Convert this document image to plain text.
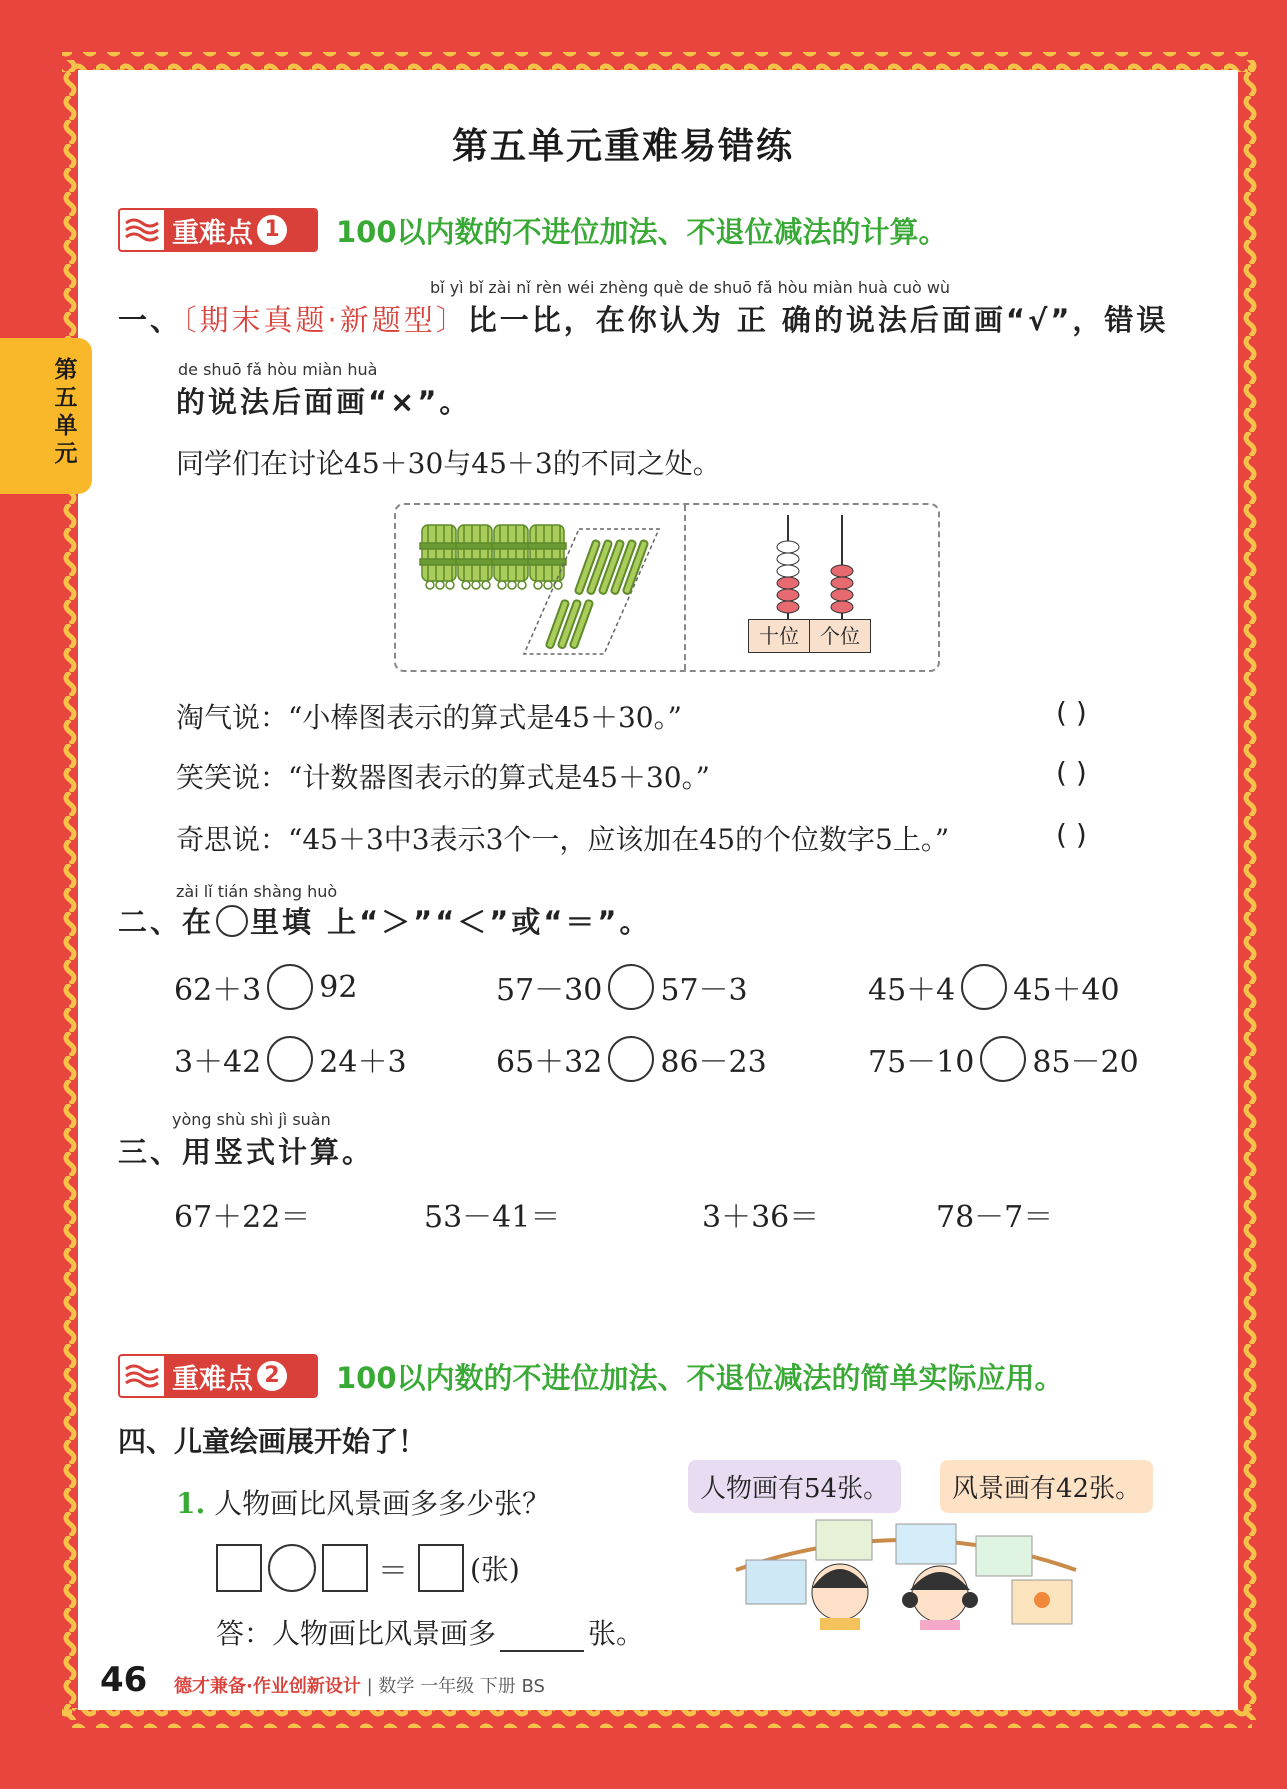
第五单元
第五单元重难易错练
重难点 1 100以内数的不进位加法、不退位减法的计算。
bǐ yì bǐ zài nǐ rèn wéi zhèng què de shuō fǎ hòu miàn huà cuò wù
一、〔期末真题·新题型〕比一比，在你认为 正 确的说法后面画“√”，错误
de shuō fǎ hòu miàn huà
的说法后面画“×”。
同学们在讨论45＋30与45＋3的不同之处。
十位	个位
淘气说：“小棒图表示的算式是45＋30。”	( )
笑笑说：“计数器图表示的算式是45＋30。”	( )
奇思说：“45＋3中3表示3个一，应该加在45的个位数字5上。”	( )
zài lǐ tián shàng huò
二、 在 里填 上“＞”“＜”或“＝”。
62＋3 92	57－30 57－3	45＋4 45＋40
3＋42 24＋3	65＋32 86－23	75－10 85－20
yòng shù shì jì suàn
三、用竖式计算。
67＋22＝	53－41＝	3＋36＝	78－7＝
重难点 2 100以内数的不进位加法、不退位减法的简单实际应用。
四、儿童绘画展开始了！
1. 人物画比风景画多多少张？
＝ (张)
答：人物画比风景画多	张。
人物画有54张。	风景画有42张。
46 德才兼备·作业创新设计 | 数学 一年级 下册 BS
